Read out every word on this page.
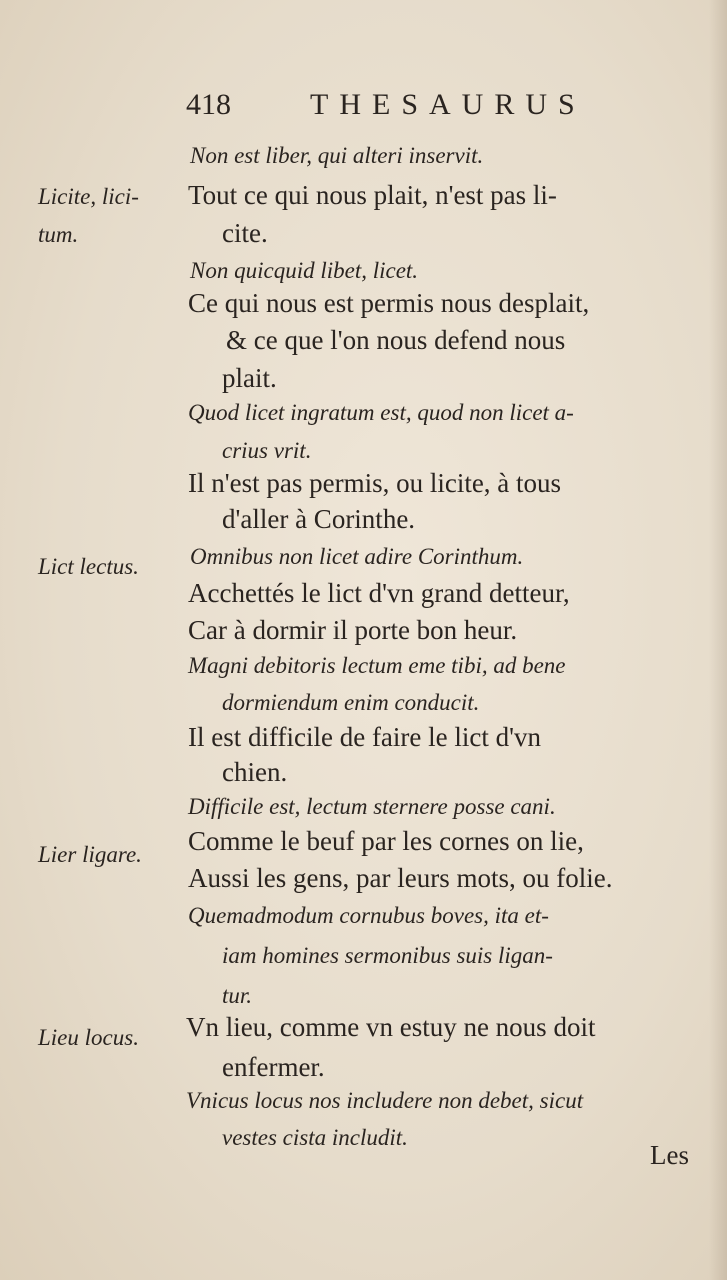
418	THESAURUS
Licite, lici-
tum.
Lict lectus.
Lier ligare.
Lieu locus.
Non est liber, qui alteri inservit.
Tout ce qui nous plait, n'est pas li-
cite.
Non quicquid libet, licet.
Ce qui nous est permis nous desplait,
& ce que l'on nous defend nous
plait.
Quod licet ingratum est, quod non licet a-
crius vrit.
Il n'est pas permis, ou licite, à tous
d'aller à Corinthe.
Omnibus non licet adire Corinthum.
Acchettés le lict d'vn grand detteur,
Car à dormir il porte bon heur.
Magni debitoris lectum eme tibi, ad bene
dormiendum enim conducit.
Il est difficile de faire le lict d'vn
chien.
Difficile est, lectum sternere posse cani.
Comme le beuf par les cornes on lie,
Aussi les gens, par leurs mots, ou folie.
Quemadmodum cornubus boves, ita et-
iam homines sermonibus suis ligan-
tur.
Vn lieu, comme vn estuy ne nous doit
enfermer.
Vnicus locus nos includere non debet, sicut
vestes cista includit.
Les
